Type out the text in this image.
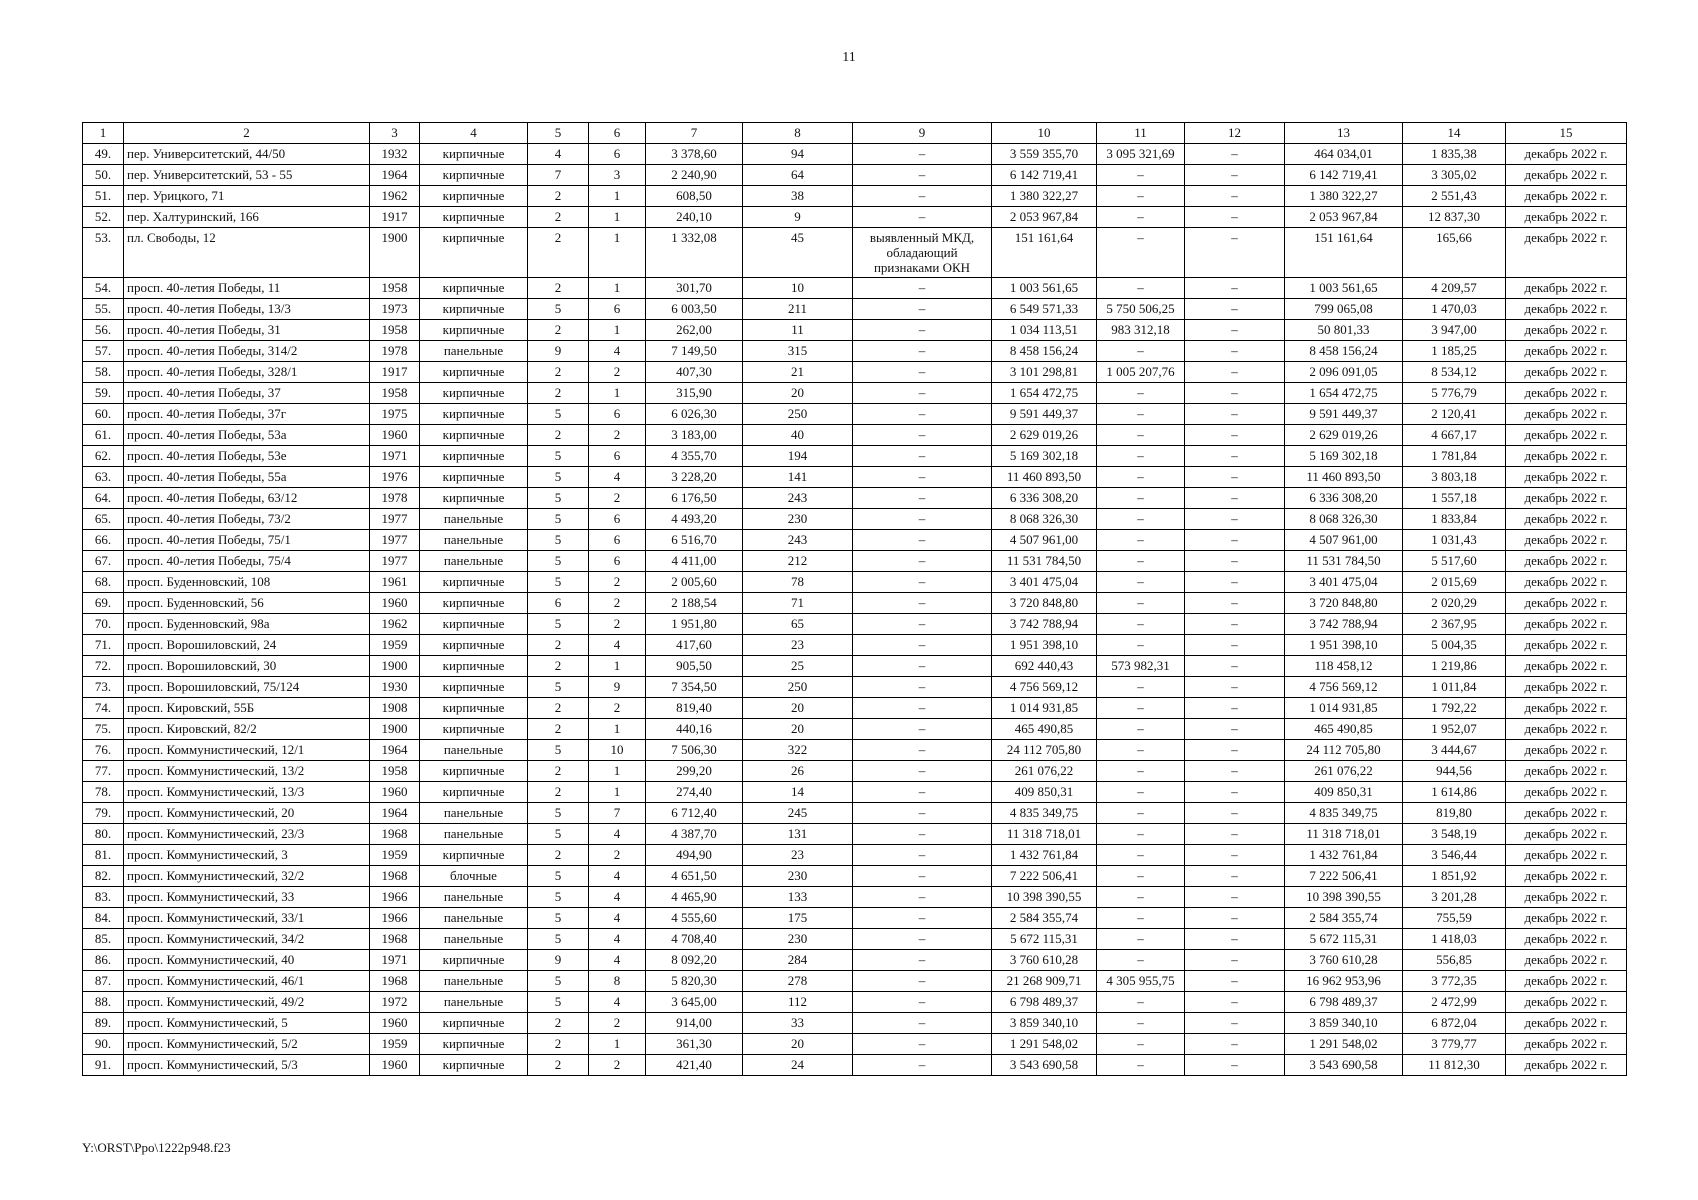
11
1	2	3	4	5	6	7	8	9	10	11	12	13	14	15
49.	пер. Университетский, 44/50	1932	кирпичные	4	6	3 378,60	94	–	3 559 355,70	3 095 321,69	–	464 034,01	1 835,38	декабрь 2022 г.
50.	пер. Университетский, 53 - 55	1964	кирпичные	7	3	2 240,90	64	–	6 142 719,41	–	–	6 142 719,41	3 305,02	декабрь 2022 г.
51.	пер. Урицкого, 71	1962	кирпичные	2	1	608,50	38	–	1 380 322,27	–	–	1 380 322,27	2 551,43	декабрь 2022 г.
52.	пер. Халтуринский, 166	1917	кирпичные	2	1	240,10	9	–	2 053 967,84	–	–	2 053 967,84	12 837,30	декабрь 2022 г.
53.	пл. Свободы, 12	1900	кирпичные	2	1	1 332,08	45	выявленный МКД, обладающий признаками ОКН	151 161,64	–	–	151 161,64	165,66	декабрь 2022 г.
54.	просп. 40-летия Победы, 11	1958	кирпичные	2	1	301,70	10	–	1 003 561,65	–	–	1 003 561,65	4 209,57	декабрь 2022 г.
55.	просп. 40-летия Победы, 13/3	1973	кирпичные	5	6	6 003,50	211	–	6 549 571,33	5 750 506,25	–	799 065,08	1 470,03	декабрь 2022 г.
56.	просп. 40-летия Победы, 31	1958	кирпичные	2	1	262,00	11	–	1 034 113,51	983 312,18	–	50 801,33	3 947,00	декабрь 2022 г.
57.	просп. 40-летия Победы, 314/2	1978	панельные	9	4	7 149,50	315	–	8 458 156,24	–	–	8 458 156,24	1 185,25	декабрь 2022 г.
58.	просп. 40-летия Победы, 328/1	1917	кирпичные	2	2	407,30	21	–	3 101 298,81	1 005 207,76	–	2 096 091,05	8 534,12	декабрь 2022 г.
59.	просп. 40-летия Победы, 37	1958	кирпичные	2	1	315,90	20	–	1 654 472,75	–	–	1 654 472,75	5 776,79	декабрь 2022 г.
60.	просп. 40-летия Победы, 37г	1975	кирпичные	5	6	6 026,30	250	–	9 591 449,37	–	–	9 591 449,37	2 120,41	декабрь 2022 г.
61.	просп. 40-летия Победы, 53а	1960	кирпичные	2	2	3 183,00	40	–	2 629 019,26	–	–	2 629 019,26	4 667,17	декабрь 2022 г.
62.	просп. 40-летия Победы, 53е	1971	кирпичные	5	6	4 355,70	194	–	5 169 302,18	–	–	5 169 302,18	1 781,84	декабрь 2022 г.
63.	просп. 40-летия Победы, 55а	1976	кирпичные	5	4	3 228,20	141	–	11 460 893,50	–	–	11 460 893,50	3 803,18	декабрь 2022 г.
64.	просп. 40-летия Победы, 63/12	1978	кирпичные	5	2	6 176,50	243	–	6 336 308,20	–	–	6 336 308,20	1 557,18	декабрь 2022 г.
65.	просп. 40-летия Победы, 73/2	1977	панельные	5	6	4 493,20	230	–	8 068 326,30	–	–	8 068 326,30	1 833,84	декабрь 2022 г.
66.	просп. 40-летия Победы, 75/1	1977	панельные	5	6	6 516,70	243	–	4 507 961,00	–	–	4 507 961,00	1 031,43	декабрь 2022 г.
67.	просп. 40-летия Победы, 75/4	1977	панельные	5	6	4 411,00	212	–	11 531 784,50	–	–	11 531 784,50	5 517,60	декабрь 2022 г.
68.	просп. Буденновский, 108	1961	кирпичные	5	2	2 005,60	78	–	3 401 475,04	–	–	3 401 475,04	2 015,69	декабрь 2022 г.
69.	просп. Буденновский, 56	1960	кирпичные	6	2	2 188,54	71	–	3 720 848,80	–	–	3 720 848,80	2 020,29	декабрь 2022 г.
70.	просп. Буденновский, 98а	1962	кирпичные	5	2	1 951,80	65	–	3 742 788,94	–	–	3 742 788,94	2 367,95	декабрь 2022 г.
71.	просп. Ворошиловский, 24	1959	кирпичные	2	4	417,60	23	–	1 951 398,10	–	–	1 951 398,10	5 004,35	декабрь 2022 г.
72.	просп. Ворошиловский, 30	1900	кирпичные	2	1	905,50	25	–	692 440,43	573 982,31	–	118 458,12	1 219,86	декабрь 2022 г.
73.	просп. Ворошиловский, 75/124	1930	кирпичные	5	9	7 354,50	250	–	4 756 569,12	–	–	4 756 569,12	1 011,84	декабрь 2022 г.
74.	просп. Кировский, 55Б	1908	кирпичные	2	2	819,40	20	–	1 014 931,85	–	–	1 014 931,85	1 792,22	декабрь 2022 г.
75.	просп. Кировский, 82/2	1900	кирпичные	2	1	440,16	20	–	465 490,85	–	–	465 490,85	1 952,07	декабрь 2022 г.
76.	просп. Коммунистический, 12/1	1964	панельные	5	10	7 506,30	322	–	24 112 705,80	–	–	24 112 705,80	3 444,67	декабрь 2022 г.
77.	просп. Коммунистический, 13/2	1958	кирпичные	2	1	299,20	26	–	261 076,22	–	–	261 076,22	944,56	декабрь 2022 г.
78.	просп. Коммунистический, 13/3	1960	кирпичные	2	1	274,40	14	–	409 850,31	–	–	409 850,31	1 614,86	декабрь 2022 г.
79.	просп. Коммунистический, 20	1964	панельные	5	7	6 712,40	245	–	4 835 349,75	–	–	4 835 349,75	819,80	декабрь 2022 г.
80.	просп. Коммунистический, 23/3	1968	панельные	5	4	4 387,70	131	–	11 318 718,01	–	–	11 318 718,01	3 548,19	декабрь 2022 г.
81.	просп. Коммунистический, 3	1959	кирпичные	2	2	494,90	23	–	1 432 761,84	–	–	1 432 761,84	3 546,44	декабрь 2022 г.
82.	просп. Коммунистический, 32/2	1968	блочные	5	4	4 651,50	230	–	7 222 506,41	–	–	7 222 506,41	1 851,92	декабрь 2022 г.
83.	просп. Коммунистический, 33	1966	панельные	5	4	4 465,90	133	–	10 398 390,55	–	–	10 398 390,55	3 201,28	декабрь 2022 г.
84.	просп. Коммунистический, 33/1	1966	панельные	5	4	4 555,60	175	–	2 584 355,74	–	–	2 584 355,74	755,59	декабрь 2022 г.
85.	просп. Коммунистический, 34/2	1968	панельные	5	4	4 708,40	230	–	5 672 115,31	–	–	5 672 115,31	1 418,03	декабрь 2022 г.
86.	просп. Коммунистический, 40	1971	кирпичные	9	4	8 092,20	284	–	3 760 610,28	–	–	3 760 610,28	556,85	декабрь 2022 г.
87.	просп. Коммунистический, 46/1	1968	панельные	5	8	5 820,30	278	–	21 268 909,71	4 305 955,75	–	16 962 953,96	3 772,35	декабрь 2022 г.
88.	просп. Коммунистический, 49/2	1972	панельные	5	4	3 645,00	112	–	6 798 489,37	–	–	6 798 489,37	2 472,99	декабрь 2022 г.
89.	просп. Коммунистический, 5	1960	кирпичные	2	2	914,00	33	–	3 859 340,10	–	–	3 859 340,10	6 872,04	декабрь 2022 г.
90.	просп. Коммунистический, 5/2	1959	кирпичные	2	1	361,30	20	–	1 291 548,02	–	–	1 291 548,02	3 779,77	декабрь 2022 г.
91.	просп. Коммунистический, 5/3	1960	кирпичные	2	2	421,40	24	–	3 543 690,58	–	–	3 543 690,58	11 812,30	декабрь 2022 г.
Y:\ORST\Ppo\1222p948.f23
